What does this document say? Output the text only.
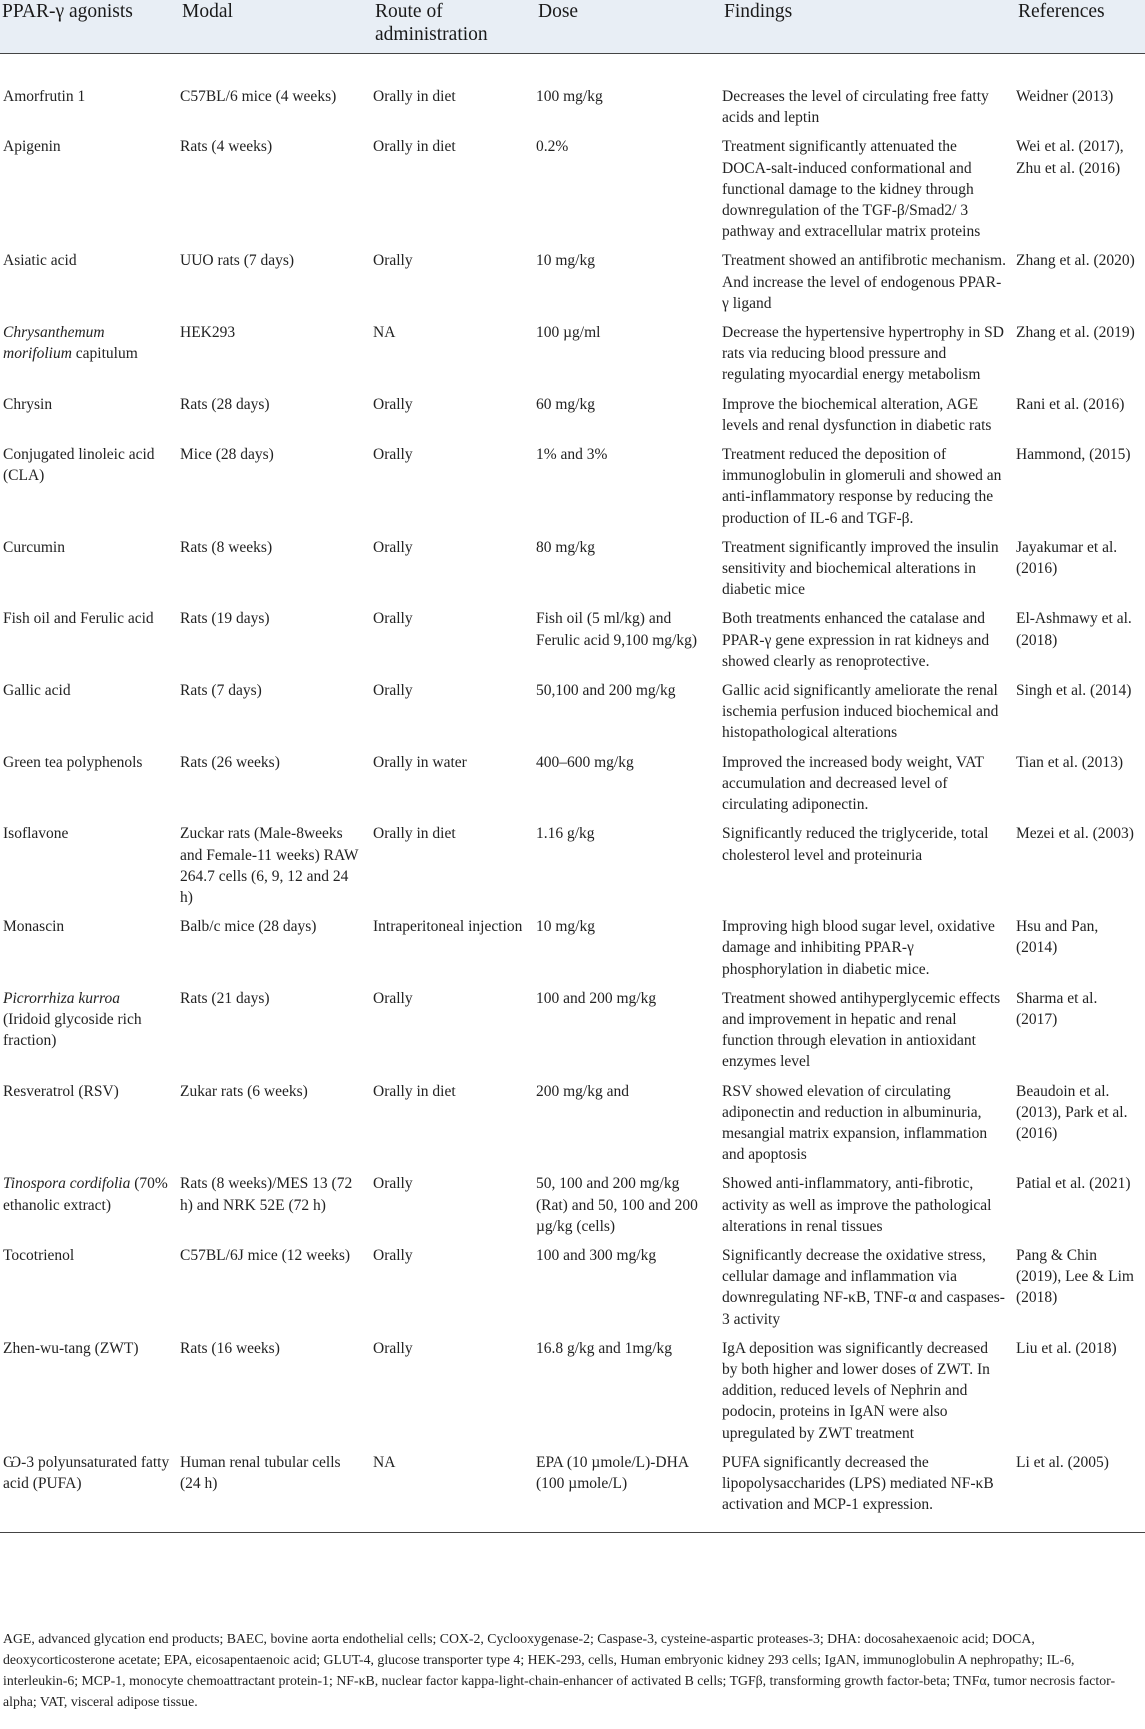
PPAR-γ agonists	Modal	Route of administration	Dose	Findings	References
Amorfrutin 1	C57BL/6 mice (4 weeks)	Orally in diet	100 mg/kg	Decreases the level of circulating free fatty acids and leptin	Weidner (2013)
Apigenin	Rats (4 weeks)	Orally in diet	0.2%	Treatment significantly attenuated the DOCA-salt-induced conformational and functional damage to the kidney through downregulation of the TGF-β/Smad2/ 3 pathway and extracellular matrix proteins	Wei et al. (2017), Zhu et al. (2016)
Asiatic acid	UUO rats (7 days)	Orally	10 mg/kg	Treatment showed an antifibrotic mechanism. And increase the level of endogenous PPAR-γ ligand	Zhang et al. (2020)
Chrysanthemum morifolium capitulum	HEK293	NA	100 µg/ml	Decrease the hypertensive hypertrophy in SD rats via reducing blood pressure and regulating myocardial energy metabolism	Zhang et al. (2019)
Chrysin	Rats (28 days)	Orally	60 mg/kg	Improve the biochemical alteration, AGE levels and renal dysfunction in diabetic rats	Rani et al. (2016)
Conjugated linoleic acid (CLA)	Mice (28 days)	Orally	1% and 3%	Treatment reduced the deposition of immunoglobulin in glomeruli and showed an anti-inflammatory response by reducing the production of IL-6 and TGF-β.	Hammond, (2015)
Curcumin	Rats (8 weeks)	Orally	80 mg/kg	Treatment significantly improved the insulin sensitivity and biochemical alterations in diabetic mice	Jayakumar et al. (2016)
Fish oil and Ferulic acid	Rats (19 days)	Orally	Fish oil (5 ml/kg) and Ferulic acid 9,100 mg/kg)	Both treatments enhanced the catalase and PPAR-γ gene expression in rat kidneys and showed clearly as renoprotective.	El-Ashmawy et al. (2018)
Gallic acid	Rats (7 days)	Orally	50,100 and 200 mg/kg	Gallic acid significantly ameliorate the renal ischemia perfusion induced biochemical and histopathological alterations	Singh et al. (2014)
Green tea polyphenols	Rats (26 weeks)	Orally in water	400–600 mg/kg	Improved the increased body weight, VAT accumulation and decreased level of circulating adiponectin.	Tian et al. (2013)
Isoflavone	Zuckar rats (Male-8weeks and Female-11 weeks) RAW 264.7 cells (6, 9, 12 and 24 h)	Orally in diet	1.16 g/kg	Significantly reduced the triglyceride, total cholesterol level and proteinuria	Mezei et al. (2003)
Monascin	Balb/c mice (28 days)	Intraperitoneal injection	10 mg/kg	Improving high blood sugar level, oxidative damage and inhibiting PPAR-γ phosphorylation in diabetic mice.	Hsu and Pan, (2014)
Picrorrhiza kurroa (Iridoid glycoside rich fraction)	Rats (21 days)	Orally	100 and 200 mg/kg	Treatment showed antihyperglycemic effects and improvement in hepatic and renal function through elevation in antioxidant enzymes level	Sharma et al. (2017)
Resveratrol (RSV)	Zukar rats (6 weeks)	Orally in diet	200 mg/kg and	RSV showed elevation of circulating adiponectin and reduction in albuminuria, mesangial matrix expansion, inflammation and apoptosis	Beaudoin et al. (2013), Park et al. (2016)
Tinospora cordifolia (70% ethanolic extract)	Rats (8 weeks)/MES 13 (72 h) and NRK 52E (72 h)	Orally	50, 100 and 200 mg/kg (Rat) and 50, 100 and 200 µg/kg (cells)	Showed anti-inflammatory, anti-fibrotic, activity as well as improve the pathological alterations in renal tissues	Patial et al. (2021)
Tocotrienol	C57BL/6J mice (12 weeks)	Orally	100 and 300 mg/kg	Significantly decrease the oxidative stress, cellular damage and inflammation via downregulating NF-κB, TNF-α and caspases-3 activity	Pang & Chin (2019), Lee & Lim (2018)
Zhen-wu-tang (ZWT)	Rats (16 weeks)	Orally	16.8 g/kg and 1mg/kg	IgA deposition was significantly decreased by both higher and lower doses of ZWT. In addition, reduced levels of Nephrin and podocin, proteins in IgAN were also upregulated by ZWT treatment	Liu et al. (2018)
Ѡ-3 polyunsaturated fatty acid (PUFA)	Human renal tubular cells (24 h)	NA	EPA (10 µmole/L)-DHA (100 µmole/L)	PUFA significantly decreased the lipopolysaccharides (LPS) mediated NF-κB activation and MCP-1 expression.	Li et al. (2005)
AGE, advanced glycation end products; BAEC, bovine aorta endothelial cells; COX-2, Cyclooxygenase-2; Caspase-3, cysteine-aspartic proteases-3; DHA: docosahexaenoic acid; DOCA, deoxycorticosterone acetate; EPA, eicosapentaenoic acid; GLUT-4, glucose transporter type 4; HEK-293, cells, Human embryonic kidney 293 cells; IgAN, immunoglobulin A nephropathy; IL-6, interleukin-6; MCP-1, monocyte chemoattractant protein-1; NF-κB, nuclear factor kappa-light-chain-enhancer of activated B cells; TGFβ, transforming growth factor-beta; TNFα, tumor necrosis factor-alpha; VAT, visceral adipose tissue.
